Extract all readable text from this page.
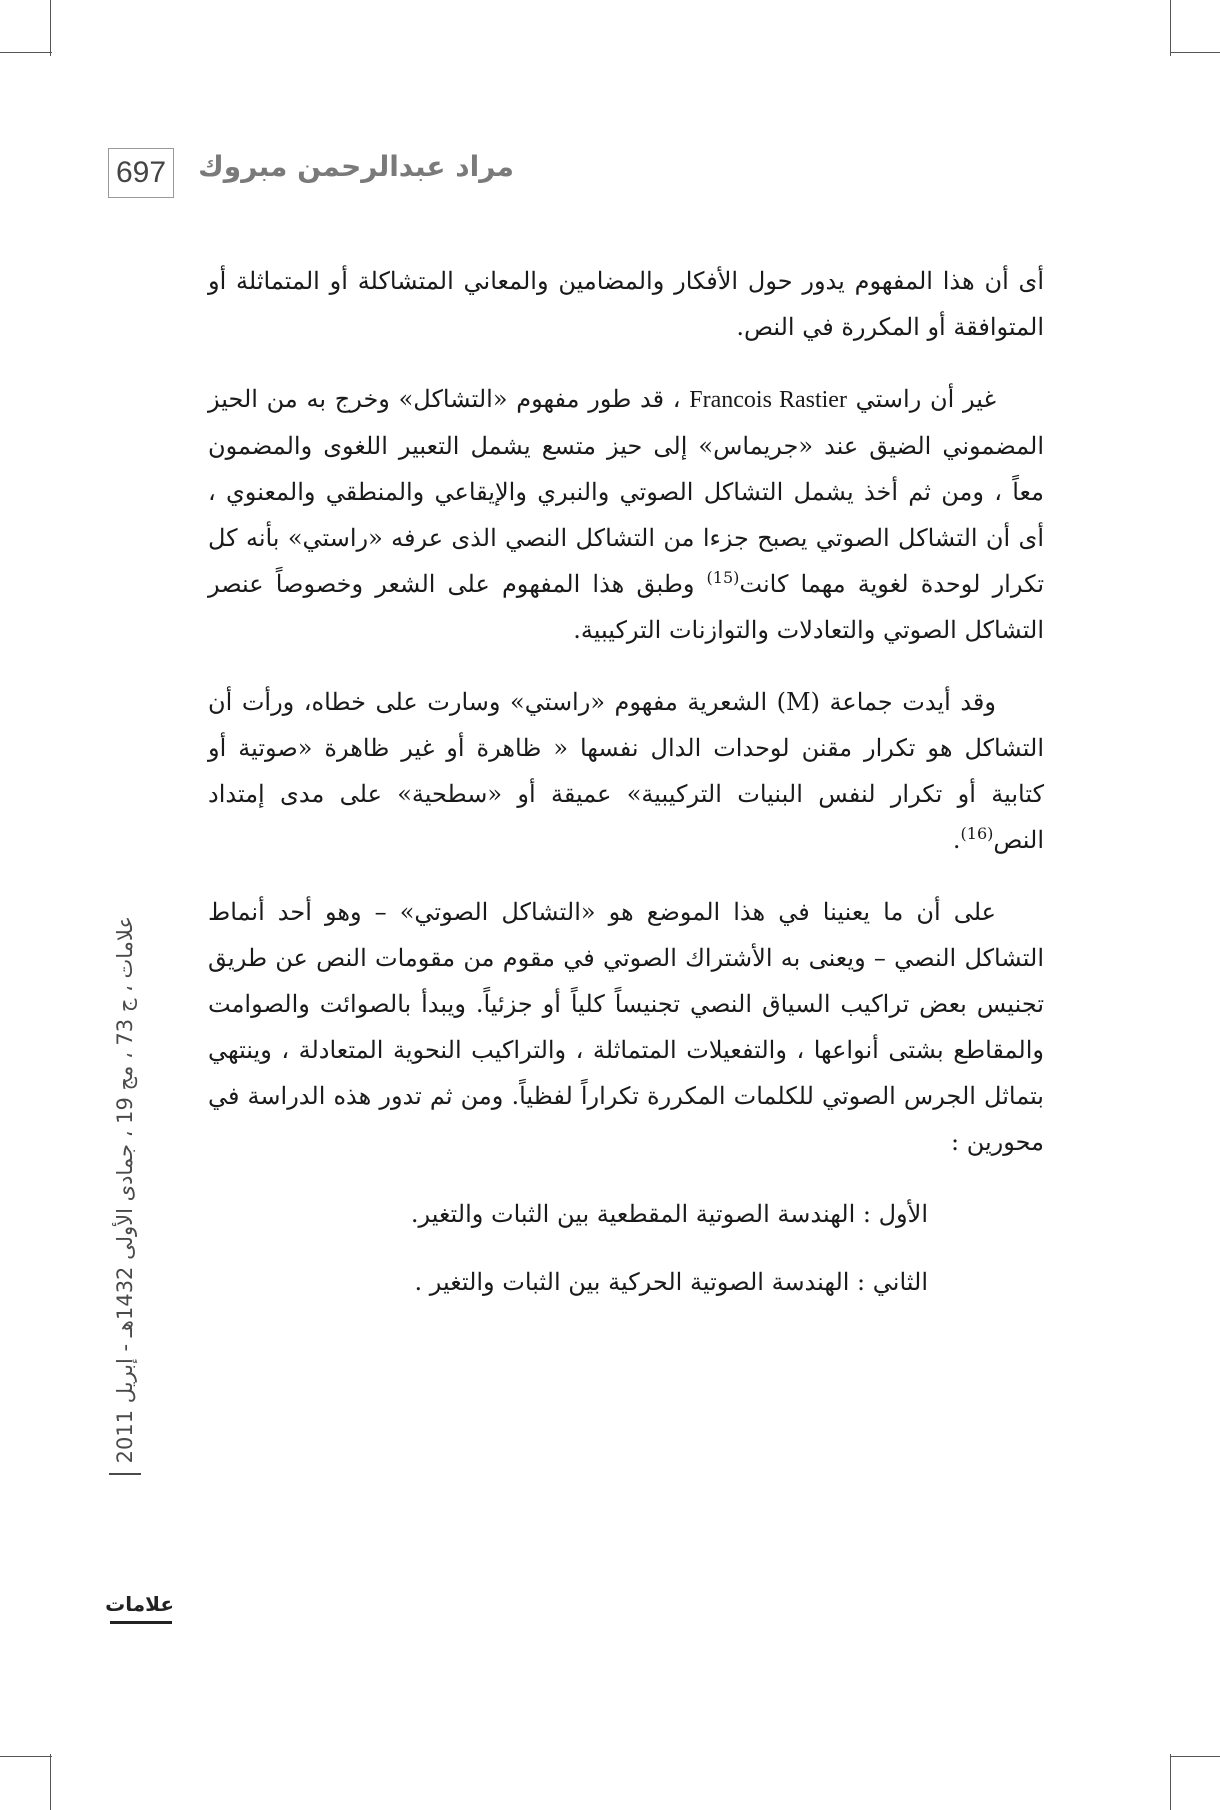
697 مراد عبدالرحمن مبروك

أى أن هذا المفهوم يدور حول الأفكار والمضامين والمعاني المتشاكلة أو المتماثلة أو المتوافقة أو المكررة في النص.

غير أن راستي Francois Rastier ، قد طور مفهوم «التشاكل» وخرج به من الحيز المضموني الضيق عند «جريماس» إلى حيز متسع يشمل التعبير اللغوى والمضمون معاً ، ومن ثم أخذ يشمل التشاكل الصوتي والنبري والإيقاعي والمنطقي والمعنوي ، أى أن التشاكل الصوتي يصبح جزءا من التشاكل النصي الذى عرفه «راستي» بأنه كل تكرار لوحدة لغوية مهما كانت$^{(15)}$ وطبق هذا المفهوم على الشعر وخصوصاً عنصر التشاكل الصوتي والتعادلات والتوازنات التركيبية.

وقد أيدت جماعة (M) الشعرية مفهوم «راستي» وسارت على خطاه، ورأت أن التشاكل هو تكرار مقنن لوحدات الدال نفسها « ظاهرة أو غير ظاهرة «صوتية أو كتابية أو تكرار لنفس البنيات التركيبية» عميقة أو «سطحية» على مدى إمتداد النص$^{(16)}$.

على أن ما يعنينا في هذا الموضع هو «التشاكل الصوتي» – وهو أحد أنماط التشاكل النصي – ويعنى به الأشتراك الصوتي في مقوم من مقومات النص عن طريق تجنيس بعض تراكيب السياق النصي تجنيساً كلياً أو جزئياً. ويبدأ بالصوائت والصوامت والمقاطع بشتى أنواعها ، والتفعيلات المتماثلة ، والتراكيب النحوية المتعادلة ، وينتهي بتماثل الجرس الصوتي للكلمات المكررة تكراراً لفظياً. ومن ثم تدور هذه الدراسة في محورين :

الأول : الهندسة الصوتية المقطعية بين الثبات والتغير.
الثاني : الهندسة الصوتية الحركية بين الثبات والتغير .
علامات ، ج 73 ، مج 19 ، جمادى الأولى 1432هـ - إبريل 2011
علامات
